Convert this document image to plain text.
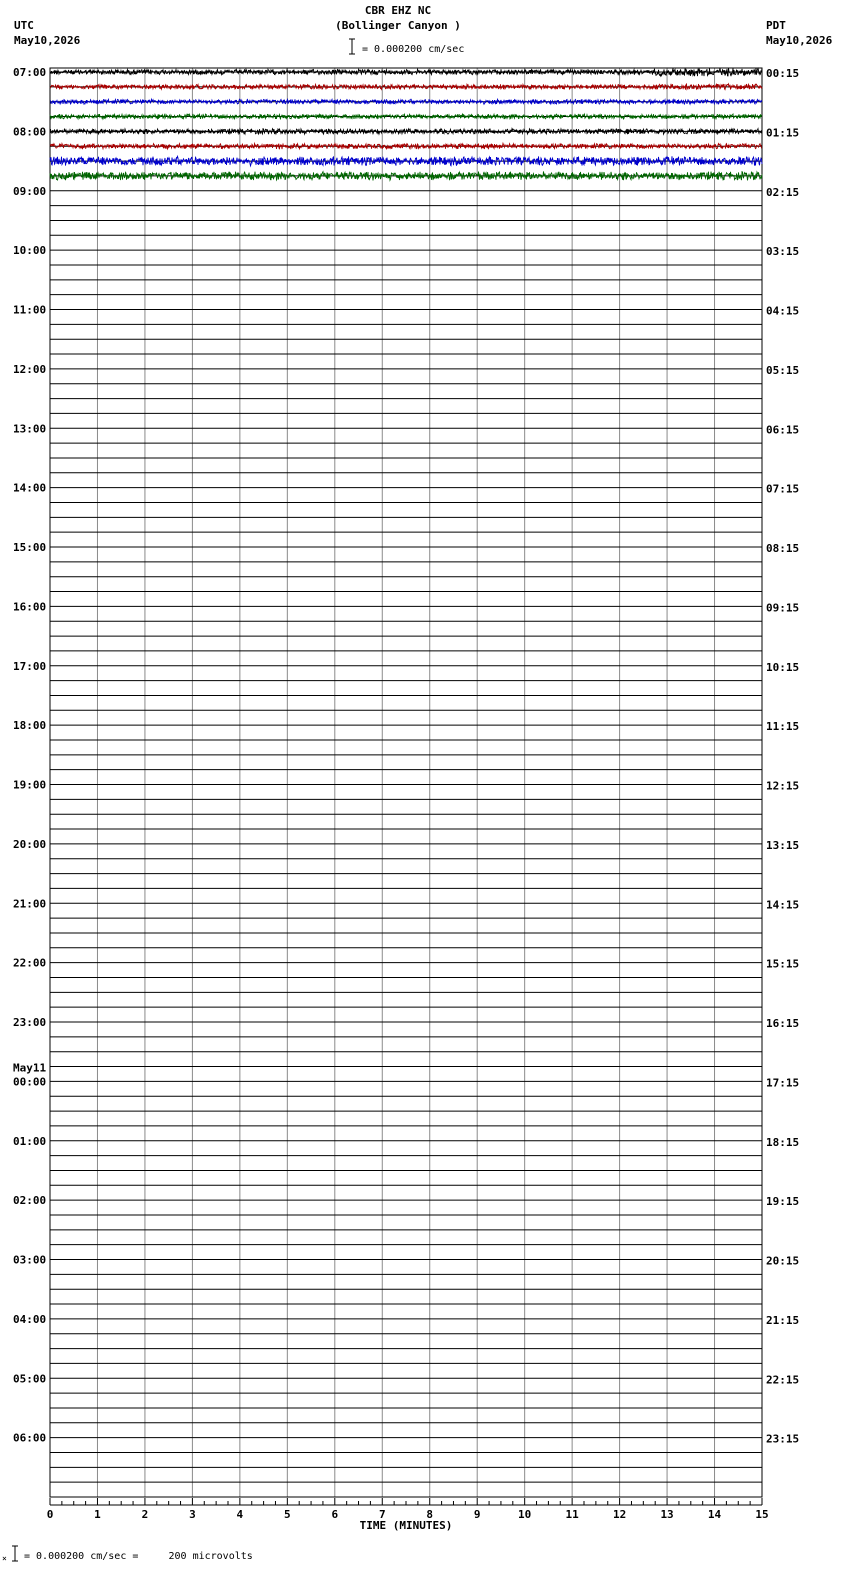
CBR EHZ NC
(Bollinger Canyon )
UTC
May10,2026
PDT
May10,2026
= 0.000200 cm/sec
0	1	2	3	4	5	6	7	8	9	10	11	12	13	14	15
TIME (MINUTES)
07:00
08:00
09:00
10:00
11:00
12:00
13:00
14:00
15:00
16:00
17:00
18:00
19:00
20:00
21:00
22:00
23:00
00:00
May11
01:00
02:00
03:00
04:00
05:00
06:00
00:15
01:15
02:15
03:15
04:15
05:15
06:15
07:15
08:15
09:15
10:15
11:15
12:15
13:15
14:15
15:15
16:15
17:15
18:15
19:15
20:15
21:15
22:15
23:15
× = 0.000200 cm/sec =     200 microvolts
